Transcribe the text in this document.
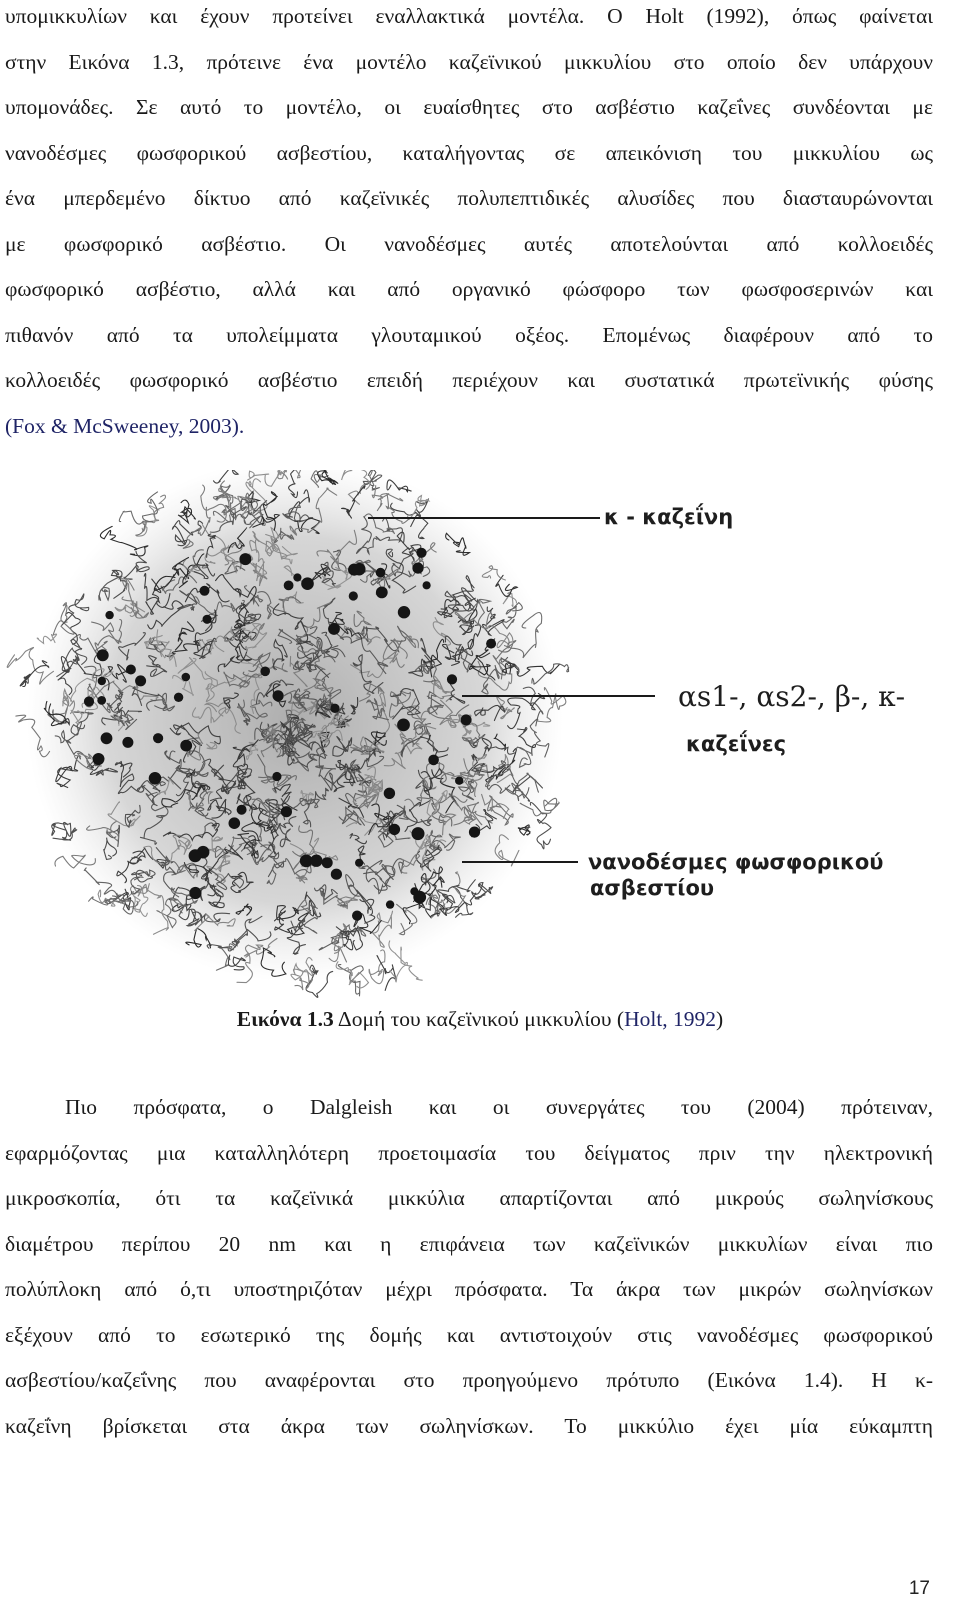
υπομικκυλίων και έχουν προτείνει εναλλακτικά μοντέλα. Ο Holt (1992), όπως φαίνεται
στην Εικόνα 1.3, πρότεινε ένα μοντέλο καζεϊνικού μικκυλίου στο οποίο δεν υπάρχουν
υπομονάδες. Σε αυτό το μοντέλο, οι ευαίσθητες στο ασβέστιο καζεΐνες συνδέονται με
νανοδέσμες φωσφορικού ασβεστίου, καταλήγοντας σε απεικόνιση του μικκυλίου ως
ένα μπερδεμένο δίκτυο από καζεϊνικές πολυπεπτιδικές αλυσίδες που διασταυρώνονται
με φωσφορικό ασβέστιο. Οι νανοδέσμες αυτές αποτελούνται από κολλοειδές
φωσφορικό ασβέστιο, αλλά και από οργανικό φώσφορο των φωσφοσερινών και
πιθανόν από τα υπολείμματα γλουταμικού οξέος. Επομένως διαφέρουν από το
κολλοειδές φωσφορικό ασβέστιο επειδή περιέχουν και συστατικά πρωτεϊνικής φύσης
(Fox & McSweeney, 2003).
κ - καζεΐνη
αs1-, αs2-, β-, κ-
καζεΐνες
νανοδέσμες φωσφορικού
ασβεστίου
Εικόνα 1.3 Δομή του καζεϊνικού μικκυλίου (Holt, 1992)
Πιο πρόσφατα, ο Dalgleish και οι συνεργάτες του (2004) πρότειναν,
εφαρμόζοντας μια καταλληλότερη προετοιμασία του δείγματος πριν την ηλεκτρονική
μικροσκοπία, ότι τα καζεϊνικά μικκύλια απαρτίζονται από μικρούς σωληνίσκους
διαμέτρου περίπου 20 nm και η επιφάνεια των καζεϊνικών μικκυλίων είναι πιο
πολύπλοκη από ό,τι υποστηριζόταν μέχρι πρόσφατα. Τα άκρα των μικρών σωληνίσκων
εξέχουν από το εσωτερικό της δομής και αντιστοιχούν στις νανοδέσμες φωσφορικού
ασβεστίου/καζεΐνης που αναφέρονται στο προηγούμενο πρότυπο (Εικόνα 1.4). Η κ-
καζεΐνη βρίσκεται στα άκρα των σωληνίσκων. Το μικκύλιο έχει μία εύκαμπτη
17
